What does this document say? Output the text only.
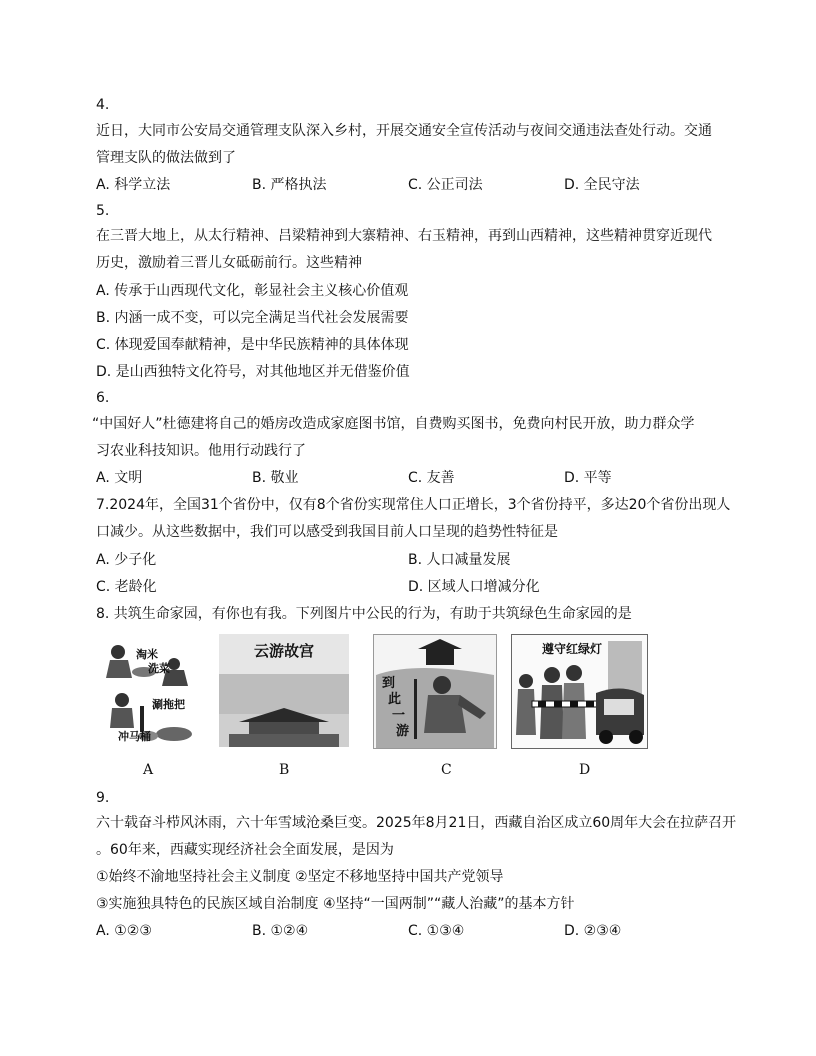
4.
近日，大同市公安局交通管理支队深入乡村，开展交通安全宣传活动与夜间交通违法查处行动。交通
管理支队的做法做到了
A. 科学立法	B. 严格执法	C. 公正司法	D. 全民守法
5.
在三晋大地上，从太行精神、吕梁精神到大寨精神、右玉精神，再到山西精神，这些精神贯穿近现代
历史，激励着三晋儿女砥砺前行。这些精神
A. 传承于山西现代文化，彰显社会主义核心价值观
B. 内涵一成不变，可以完全满足当代社会发展需要
C. 体现爱国奉献精神，是中华民族精神的具体体现
D. 是山西独特文化符号，对其他地区并无借鉴价值
6.
“中国好人”杜德建将自己的婚房改造成家庭图书馆，自费购买图书，免费向村民开放，助力群众学
习农业科技知识。他用行动践行了
A. 文明	B. 敬业	C. 友善	D. 平等
7.2024年，全国31个省份中，仅有8个省份实现常住人口正增长，3个省份持平，多达20个省份出现人
口减少。从这些数据中，我们可以感受到我国目前人口呈现的趋势性特征是
A. 少子化	B. 人口减量发展
C. 老龄化	D. 区域人口增减分化
8. 共筑生命家园，有你也有我。下列图片中公民的行为，有助于共筑绿色生命家园的是
淘米
洗菜
涮拖把
冲马桶
A
云游故宫
B
到
此
一
游
C
遵守红绿灯
D
9.
六十载奋斗栉风沐雨，六十年雪域沧桑巨变。2025年8月21日，西藏自治区成立60周年大会在拉萨召开
。60年来，西藏实现经济社会全面发展，是因为
①始终不渝地坚持社会主义制度 ②坚定不移地坚持中国共产党领导
③实施独具特色的民族区域自治制度 ④坚持“一国两制”“藏人治藏”的基本方针
A. ①②③	B. ①②④	C. ①③④	D. ②③④
